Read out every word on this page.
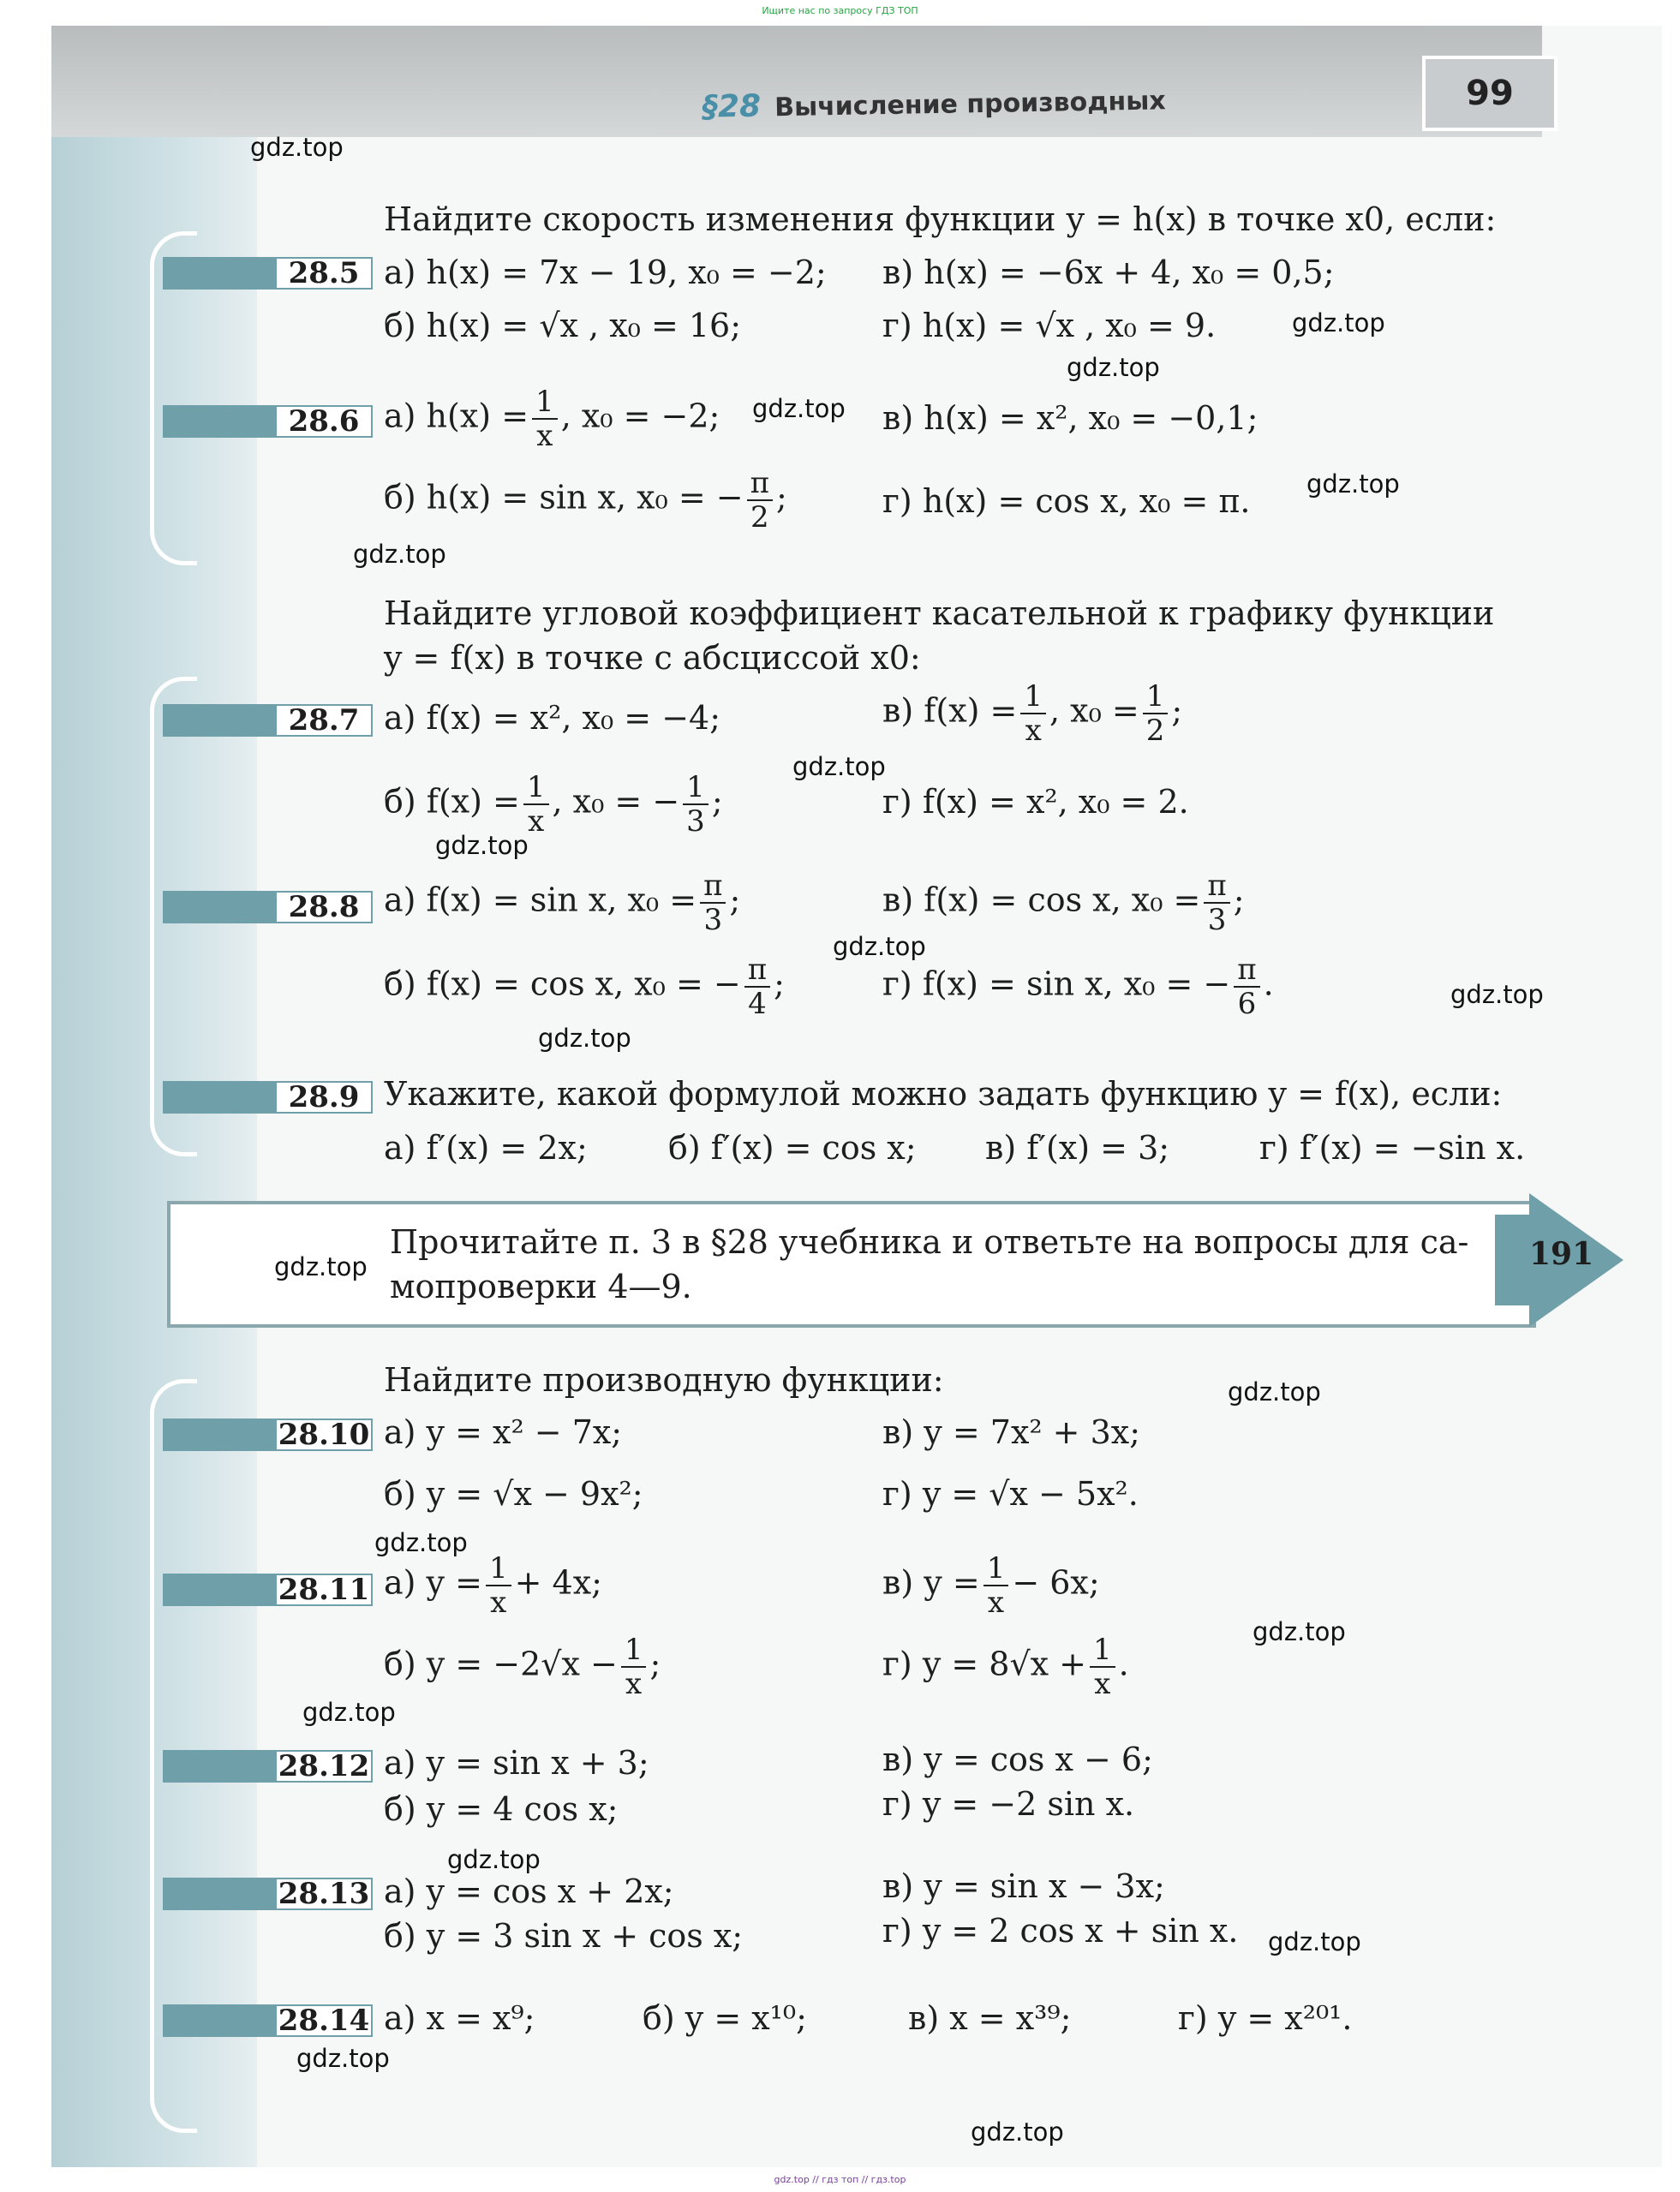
Ищите нас по запросу ГДЗ ТОП
99
§28 Вычисление производных
Найдите скорость изменения функции y = h(x) в точке x0, если:
28.5 а) h(x) = 7x − 19, x₀ = −2; в) h(x) = −6x + 4, x₀ = 0,5;
б) h(x) = √x , x₀ = 16;	г) h(x) = √x , x₀ = 9.
28.6 а) $h(x) = \frac{1}{x}$ , x₀ = −2;	в) h(x) = x², x₀ = −0,1;
б) h(x) = sin x, x₀ = − $\frac{\pi}{2}$ ;	г) h(x) = cos x, x₀ = π.
Найдите угловой коэффициент касательной к графику функции
y = f(x) в точке с абсциссой x0:
28.7 а) f(x) = x², x₀ = −4;	в) $f(x) = \frac{1}{x}$ , $x_0 = \frac{1}{2}$ ;
б) $f(x) = \frac{1}{x}$ , x₀ = − $\frac{1}{3}$ ;	г) f(x) = x², x₀ = 2.
28.8 а) f(x) = sin x, $x_0 = \frac{\pi}{3}$ ;	в) f(x) = cos x, $x_0 = \frac{\pi}{3}$ ;
б) f(x) = cos x, x₀ = − $\frac{\pi}{4}$ ;	г) f(x) = sin x, x₀ = − $\frac{\pi}{6}$ .
28.9 Укажите, какой формулой можно задать функцию y = f(x), если:
а) f′(x) = 2x; б) f′(x) = cos x; в) f′(x) = 3;	г) f′(x) = −sin x.
Прочитайте п. 3 в §28 учебника и ответьте на вопросы для са-
мопроверки 4—9.
191
Найдите производную функции:
28.10 а) y = x² − 7x;	в) y = 7x² + 3x;
б) y = √x − 9x²;	г) y = √x − 5x².
28.11 а) $y = \frac{1}{x} + 4x$;	в) $y = \frac{1}{x} - 6x$;
б) $y = -2√x - \frac{1}{x}$ ;	г) $y = 8√x + \frac{1}{x}$ .
28.12 а) y = sin x + 3;	в) y = cos x − 6;
б) y = 4 cos x;	г) y = −2 sin x.
28.13 а) y = cos x + 2x;	в) y = sin x − 3x;
б) y = 3 sin x + cos x;	г) y = 2 cos x + sin x.
28.14 а) x = x⁹;	б) y = x¹⁰;	в) x = x³⁹;	г) y = x²⁰¹.
gdz.top
gdz.top
gdz.top
gdz.top
gdz.top
gdz.top
gdz.top
gdz.top
gdz.top
gdz.top
gdz.top
gdz.top
gdz.top
gdz.top
gdz.top
gdz.top
gdz.top
gdz.top
gdz.top
gdz.top
gdz.top // гдз топ // гдз.top
